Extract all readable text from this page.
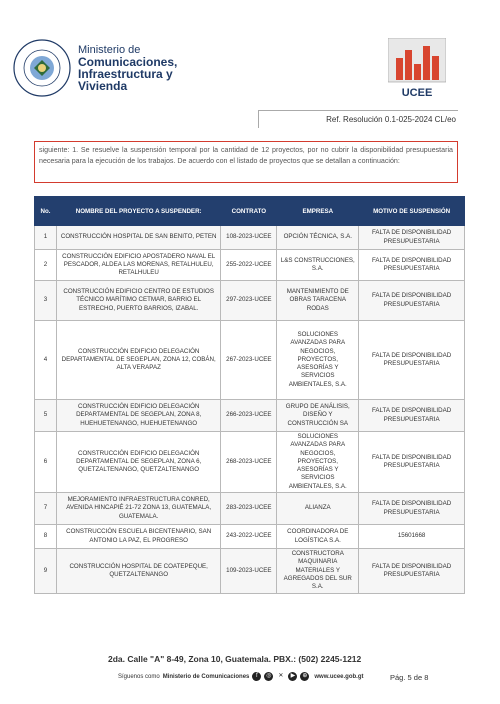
Ministerio de
Comunicaciones,
Infraestructura y
Vivienda	UCEE
Ref. Resolución 0.1-025-2024 CL/eo
siguiente: 1. Se resuelve la suspensión temporal por la cantidad de 12 proyectos, por no cubrir la disponibilidad presupuestaria necesaria para la ejecución de los trabajos. De acuerdo con el listado de proyectos que se detallan a continuación:
No.	NOMBRE DEL PROYECTO A SUSPENDER:	CONTRATO	EMPRESA	MOTIVO DE SUSPENSIÓN
1	CONSTRUCCIÓN HOSPITAL DE SAN BENITO, PETEN	108-2023-UCEE	OPCIÓN TÉCNICA, S.A.	FALTA DE DISPONIBILIDAD PRESUPUESTARIA
2	CONSTRUCCIÓN EDIFICIO APOSTADERO NAVAL EL PESCADOR, ALDEA LAS MORENAS, RETALHULEU, RETALHULEU	255-2022-UCEE	L&S CONSTRUCCIONES, S.A.	FALTA DE DISPONIBILIDAD PRESUPUESTARIA
3	CONSTRUCCIÓN EDIFICIO CENTRO DE ESTUDIOS TÉCNICO MARÍTIMO CETMAR, BARRIO EL ESTRECHO, PUERTO BARRIOS, IZABAL.	297-2023-UCEE	MANTENIMIENTO DE OBRAS TARACENA RODAS	FALTA DE DISPONIBILIDAD PRESUPUESTARIA
4	CONSTRUCCIÓN EDIFICIO DELEGACIÓN DEPARTAMENTAL DE SEGEPLAN, ZONA 12, COBÁN, ALTA VERAPAZ	267-2023-UCEE	SOLUCIONES AVANZADAS PARA NEGOCIOS, PROYECTOS, ASESORÍAS Y SERVICIOS AMBIENTALES, S.A.	FALTA DE DISPONIBILIDAD PRESUPUESTARIA
5	CONSTRUCCIÓN EDIFICIO DELEGACIÓN DEPARTAMENTAL DE SEGEPLAN, ZONA 8, HUEHUETENANGO, HUEHUETENANGO	266-2023-UCEE	GRUPO DE ANÁLISIS, DISEÑO Y CONSTRUCCIÓN SA	FALTA DE DISPONIBILIDAD PRESUPUESTARIA
6	CONSTRUCCIÓN EDIFICIO DELEGACIÓN DEPARTAMENTAL DE SEGEPLAN, ZONA 6, QUETZALTENANGO, QUETZALTENANGO	268-2023-UCEE	SOLUCIONES AVANZADAS PARA NEGOCIOS, PROYECTOS, ASESORÍAS Y SERVICIOS AMBIENTALES, S.A.	FALTA DE DISPONIBILIDAD PRESUPUESTARIA
7	MEJORAMIENTO INFRAESTRUCTURA CONRED, AVENIDA HINCAPIÉ 21-72 ZONA 13, GUATEMALA, GUATEMALA.	283-2023-UCEE	ALIANZA	FALTA DE DISPONIBILIDAD PRESUPUESTARIA
8	CONSTRUCCIÓN ESCUELA BICENTENARIO, SAN ANTONIO LA PAZ, EL PROGRESO	243-2022-UCEE	COORDINADORA DE LOGÍSTICA S.A.	15601668
9	CONSTRUCCIÓN HOSPITAL DE COATEPEQUE, QUETZALTENANGO	109-2023-UCEE	CONSTRUCTORA MAQUINARIA MATERIALES Y AGREGADOS DEL SUR S.A.	FALTA DE DISPONIBILIDAD PRESUPUESTARIA
2da. Calle "A" 8-49, Zona 10, Guatemala. PBX.: (502) 2245-1212
Síguenos como Ministerio de Comunicaciones	f	◎	✕	▶	⊕	www.ucee.gob.gt	Pág. 5 de 8
